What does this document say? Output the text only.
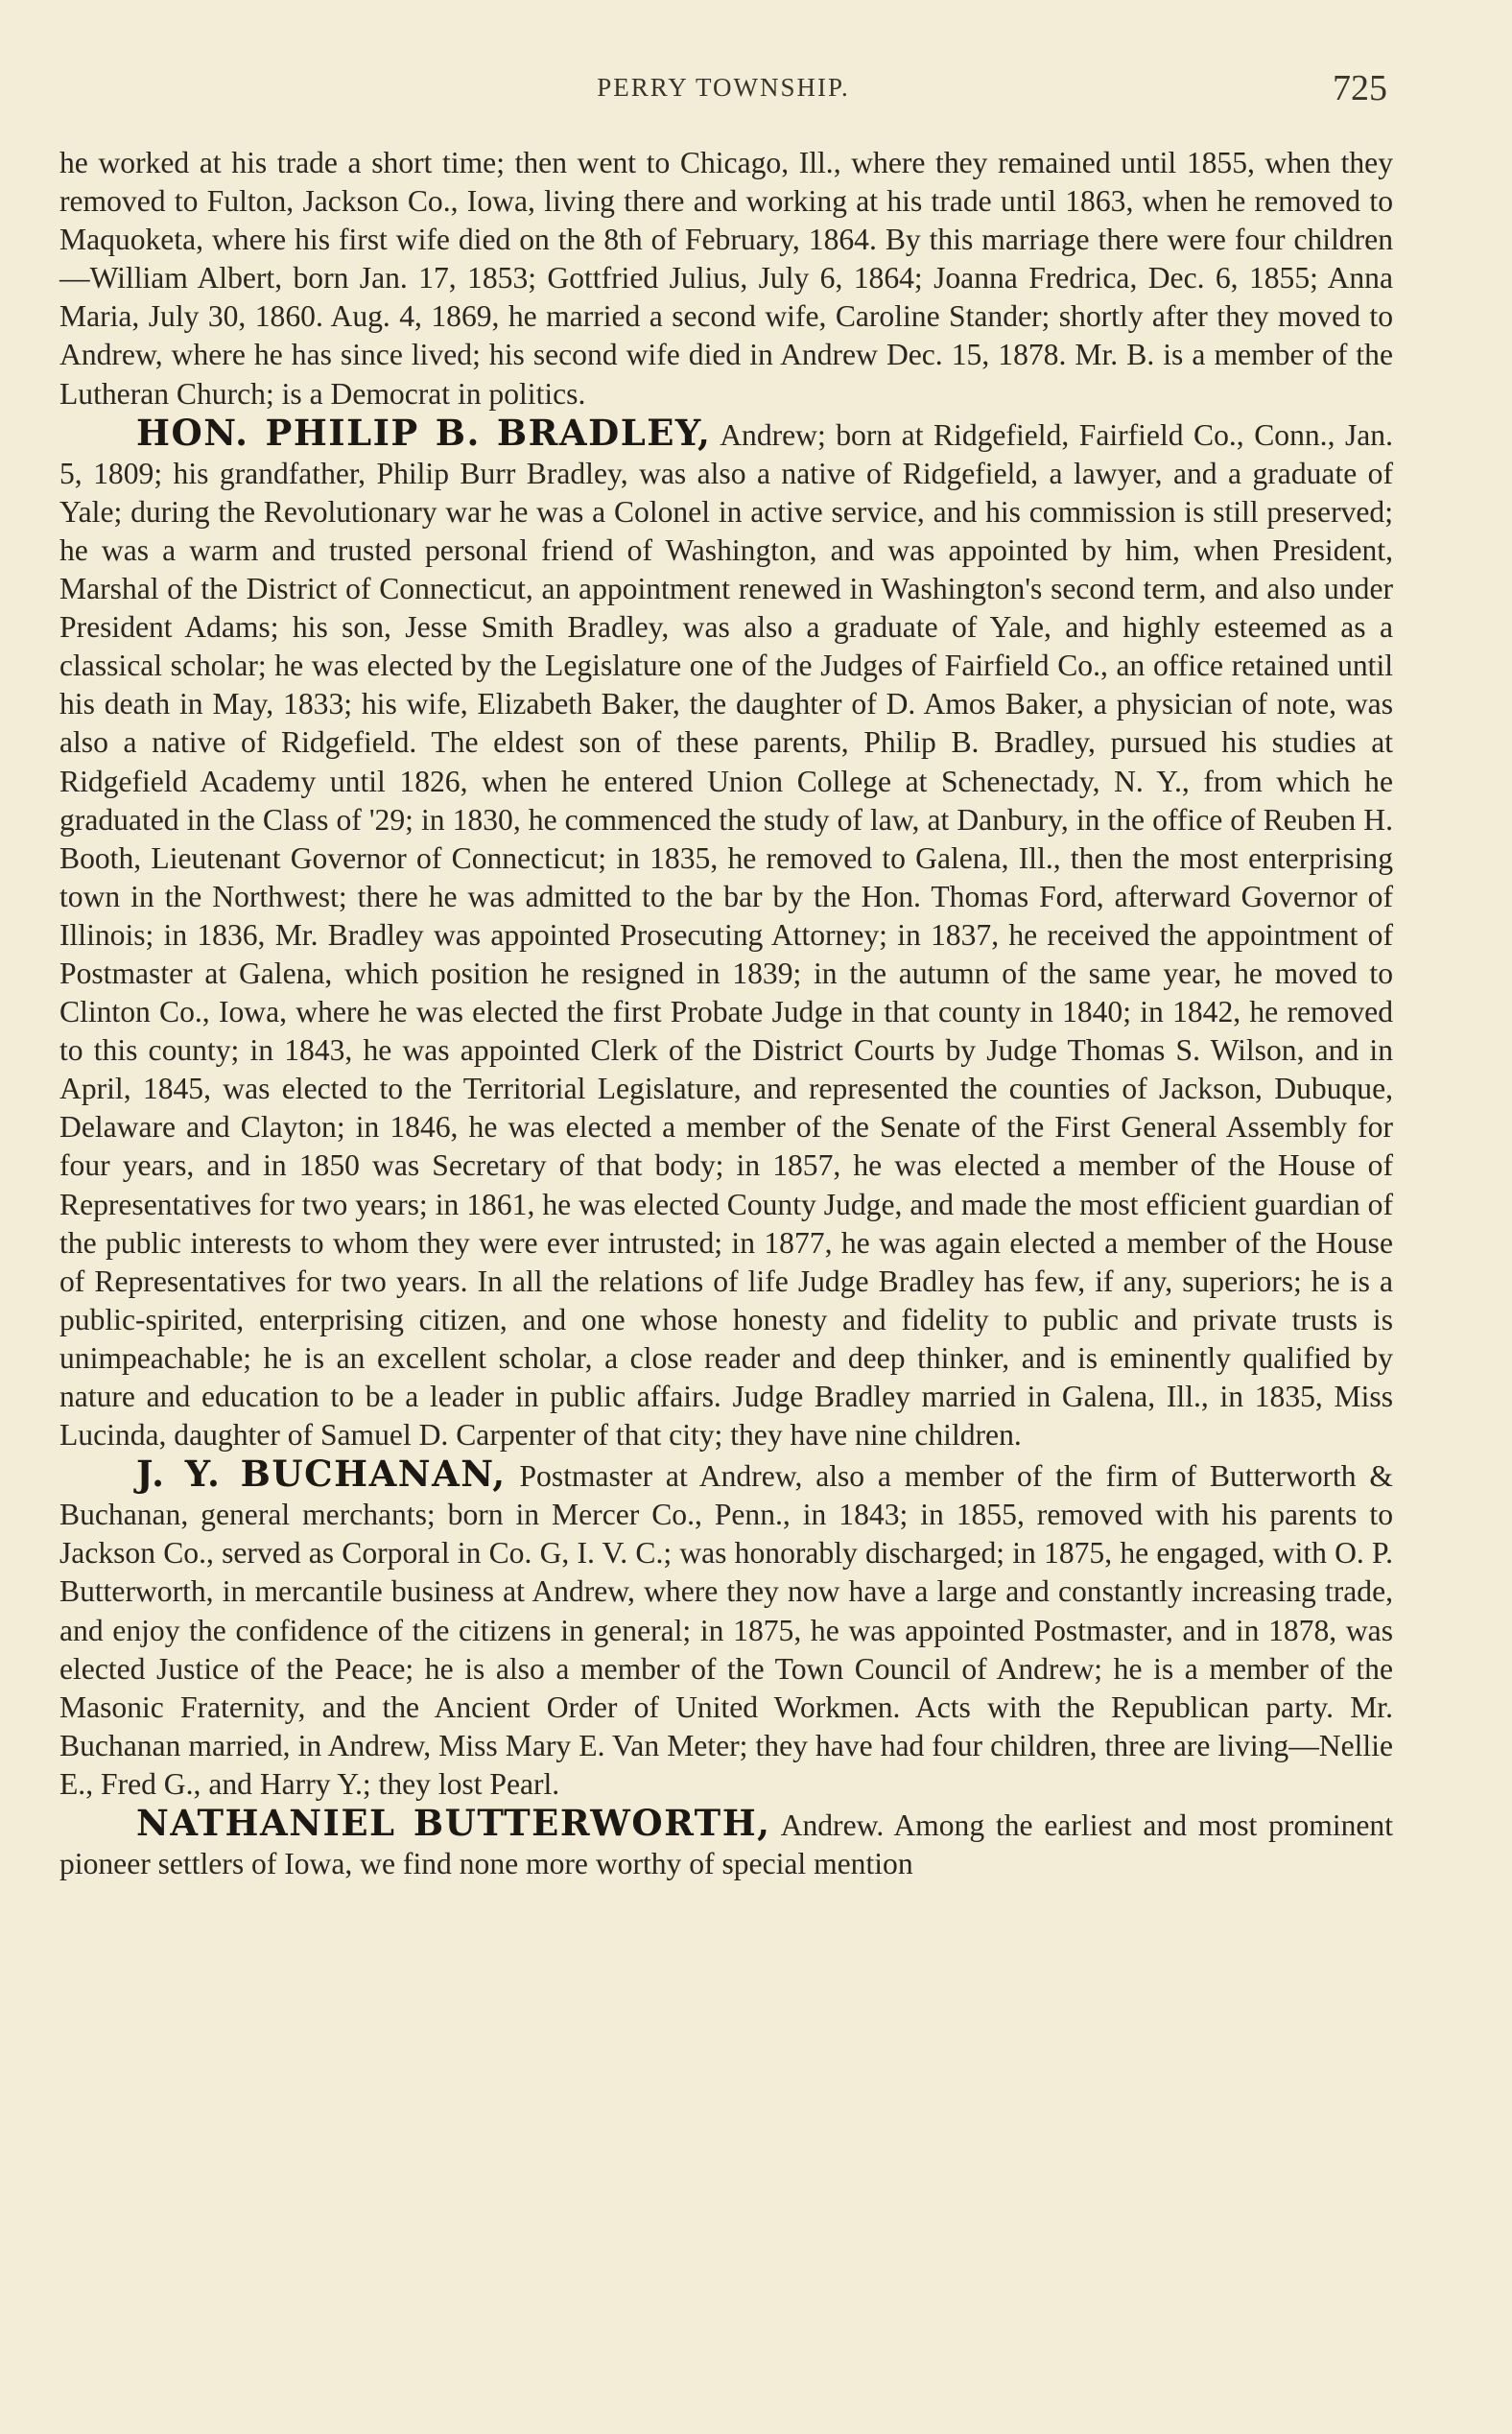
PERRY TOWNSHIP.	725

he worked at his trade a short time; then went to Chicago, Ill., where they remained until 1855, when they removed to Fulton, Jackson Co., Iowa, living there and working at his trade until 1863, when he removed to Maquoketa, where his first wife died on the 8th of February, 1864. By this marriage there were four children—William Albert, born Jan. 17, 1853; Gottfried Julius, July 6, 1864; Joanna Fredrica, Dec. 6, 1855; Anna Maria, July 30, 1860. Aug. 4, 1869, he married a second wife, Caroline Stander; shortly after they moved to Andrew, where he has since lived; his second wife died in Andrew Dec. 15, 1878. Mr. B. is a member of the Lutheran Church; is a Democrat in politics.

HON. PHILIP B. BRADLEY, Andrew; born at Ridgefield, Fairfield Co., Conn., Jan. 5, 1809; his grandfather, Philip Burr Bradley, was also a native of Ridgefield, a lawyer, and a graduate of Yale; during the Revolutionary war he was a Colonel in active service, and his commission is still preserved; he was a warm and trusted personal friend of Washington, and was appointed by him, when President, Marshal of the District of Connecticut, an appointment renewed in Washington's second term, and also under President Adams; his son, Jesse Smith Bradley, was also a graduate of Yale, and highly esteemed as a classical scholar; he was elected by the Legislature one of the Judges of Fairfield Co., an office retained until his death in May, 1833; his wife, Elizabeth Baker, the daughter of D. Amos Baker, a physician of note, was also a native of Ridgefield. The eldest son of these parents, Philip B. Bradley, pursued his studies at Ridgefield Academy until 1826, when he entered Union College at Schenectady, N. Y., from which he graduated in the Class of '29; in 1830, he commenced the study of law, at Danbury, in the office of Reuben H. Booth, Lieutenant Governor of Connecticut; in 1835, he removed to Galena, Ill., then the most enterprising town in the Northwest; there he was admitted to the bar by the Hon. Thomas Ford, afterward Governor of Illinois; in 1836, Mr. Bradley was appointed Prosecuting Attorney; in 1837, he received the appointment of Postmaster at Galena, which position he resigned in 1839; in the autumn of the same year, he moved to Clinton Co., Iowa, where he was elected the first Probate Judge in that county in 1840; in 1842, he removed to this county; in 1843, he was appointed Clerk of the District Courts by Judge Thomas S. Wilson, and in April, 1845, was elected to the Territorial Legislature, and represented the counties of Jackson, Dubuque, Delaware and Clayton; in 1846, he was elected a member of the Senate of the First General Assembly for four years, and in 1850 was Secretary of that body; in 1857, he was elected a member of the House of Representatives for two years; in 1861, he was elected County Judge, and made the most efficient guardian of the public interests to whom they were ever intrusted; in 1877, he was again elected a member of the House of Representatives for two years. In all the relations of life Judge Bradley has few, if any, superiors; he is a public-spirited, enterprising citizen, and one whose honesty and fidelity to public and private trusts is unimpeachable; he is an excellent scholar, a close reader and deep thinker, and is eminently qualified by nature and education to be a leader in public affairs. Judge Bradley married in Galena, Ill., in 1835, Miss Lucinda, daughter of Samuel D. Carpenter of that city; they have nine children.

J. Y. BUCHANAN, Postmaster at Andrew, also a member of the firm of Butterworth & Buchanan, general merchants; born in Mercer Co., Penn., in 1843; in 1855, removed with his parents to Jackson Co., served as Corporal in Co. G, I. V. C.; was honorably discharged; in 1875, he engaged, with O. P. Butterworth, in mercantile business at Andrew, where they now have a large and constantly increasing trade, and enjoy the confidence of the citizens in general; in 1875, he was appointed Postmaster, and in 1878, was elected Justice of the Peace; he is also a member of the Town Council of Andrew; he is a member of the Masonic Fraternity, and the Ancient Order of United Workmen. Acts with the Republican party. Mr. Buchanan married, in Andrew, Miss Mary E. Van Meter; they have had four children, three are living—Nellie E., Fred G., and Harry Y.; they lost Pearl.

NATHANIEL BUTTERWORTH, Andrew. Among the earliest and most prominent pioneer settlers of Iowa, we find none more worthy of special mention
